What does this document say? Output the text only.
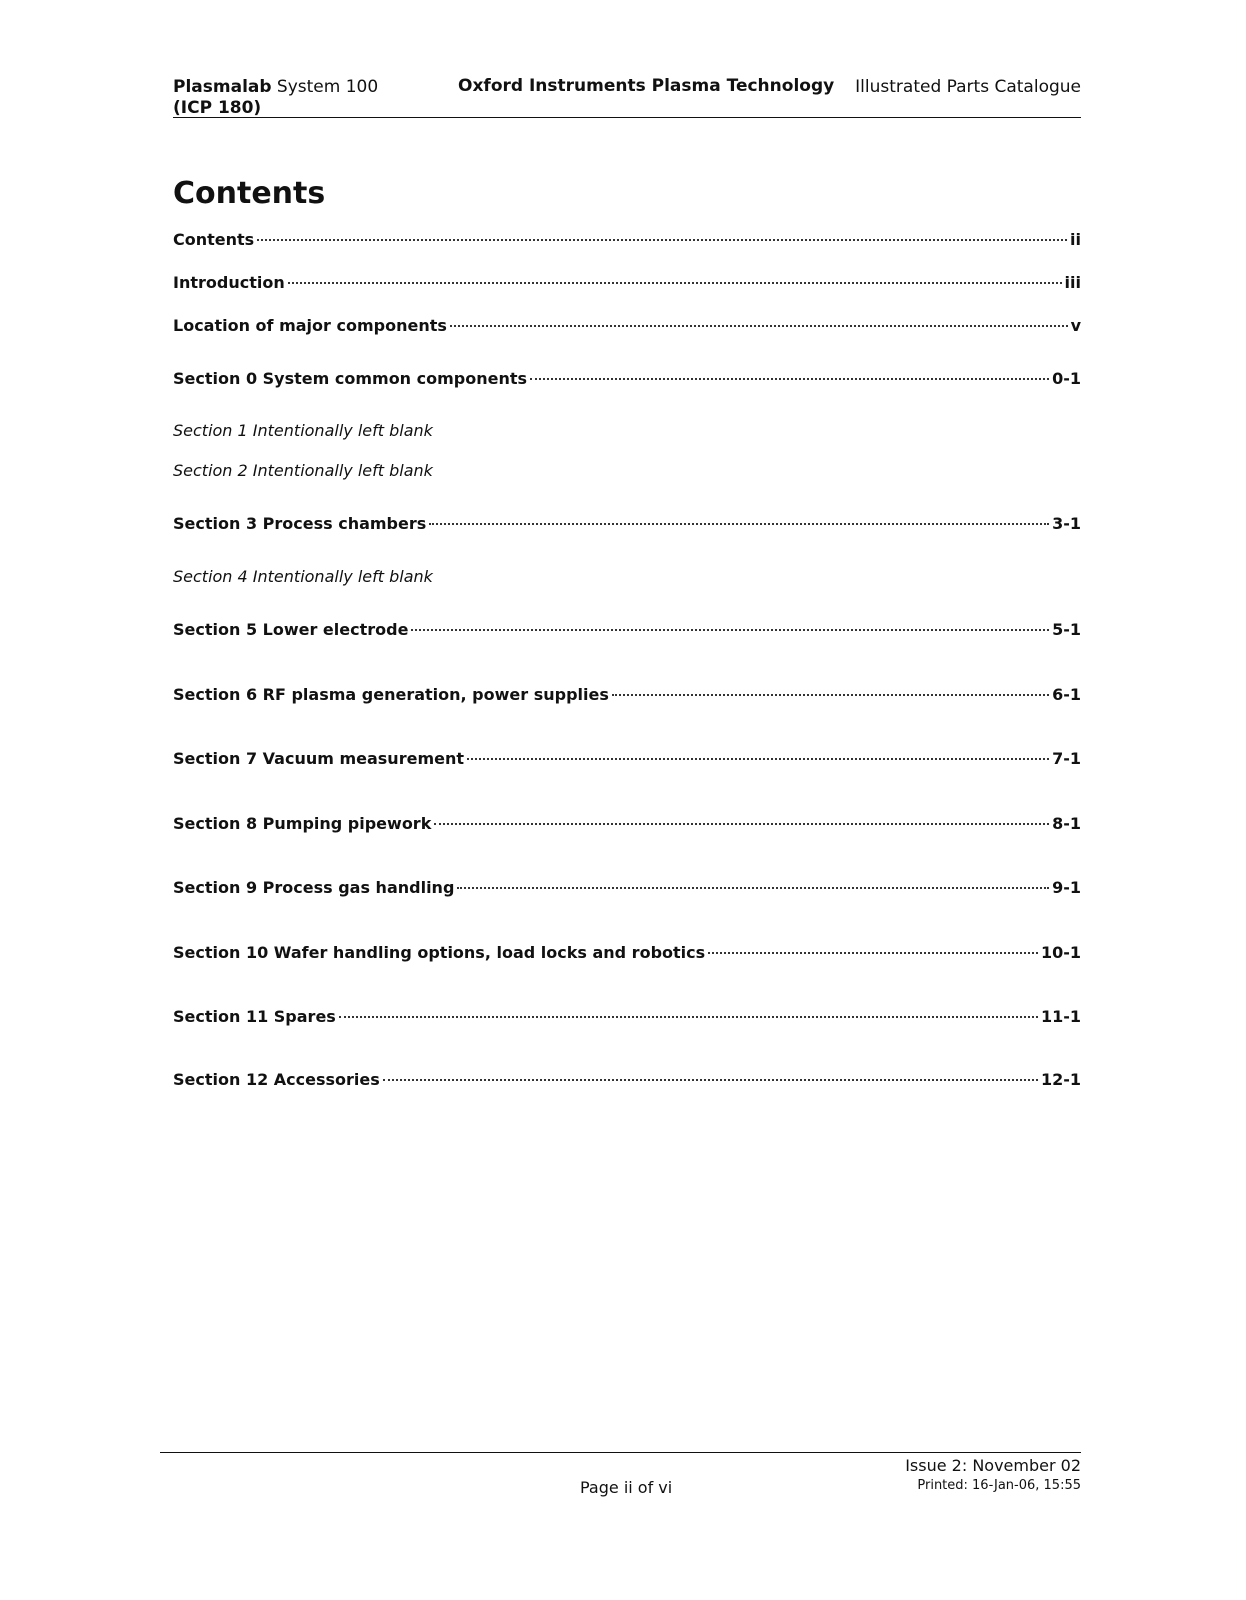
Plasmalab System 100
(ICP 180)
Oxford Instruments Plasma Technology Illustrated Parts Catalogue
Contents
Contents	ii
Introduction	iii
Location of major components	v
Section 0 System common components	0-1
Section 1 Intentionally left blank
Section 2 Intentionally left blank
Section 3 Process chambers	3-1
Section 4 Intentionally left blank
Section 5 Lower electrode	5-1
Section 6 RF plasma generation, power supplies	6-1
Section 7 Vacuum measurement	7-1
Section 8 Pumping pipework	8-1
Section 9 Process gas handling	9-1
Section 10 Wafer handling options, load locks and robotics	10-1
Section 11 Spares	11-1
Section 12 Accessories	12-1
Page ii of vi
Issue 2: November 02
Printed: 16-Jan-06, 15:55
